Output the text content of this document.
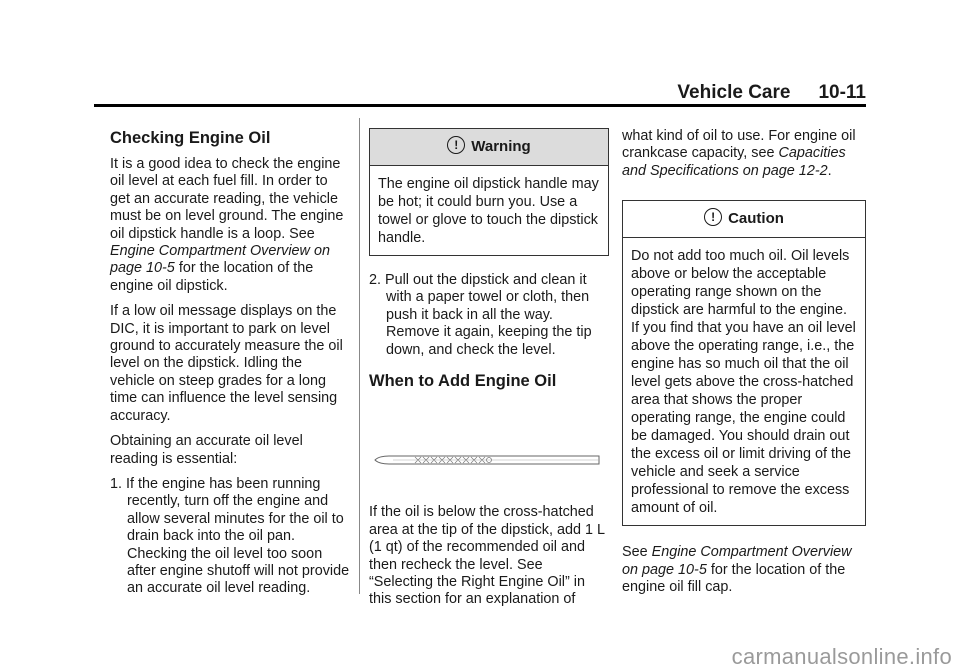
Vehicle Care 10-11
Checking Engine Oil

It is a good idea to check the engine oil level at each fuel fill. In order to get an accurate reading, the vehicle must be on level ground. The engine oil dipstick handle is a loop. See Engine Compartment Overview on page 10-5 for the location of the engine oil dipstick.

If a low oil message displays on the DIC, it is important to park on level ground to accurately measure the oil level on the dipstick. Idling the vehicle on steep grades for a long time can influence the level sensing accuracy.

Obtaining an accurate oil level reading is essential:

1. If the engine has been running recently, turn off the engine and allow several minutes for the oil to drain back into the oil pan. Checking the oil level too soon after engine shutoff will not provide an accurate oil level reading.
! Warning
The engine oil dipstick handle may be hot; it could burn you. Use a towel or glove to touch the dipstick handle.
2. Pull out the dipstick and clean it with a paper towel or cloth, then push it back in all the way. Remove it again, keeping the tip down, and check the level.
When to Add Engine Oil

If the oil is below the cross-hatched area at the tip of the dipstick, add 1 L (1 qt) of the recommended oil and then recheck the level. See “Selecting the Right Engine Oil” in this section for an explanation of

what kind of oil to use. For engine oil crankcase capacity, see Capacities and Specifications on page 12-2.

! Caution
Do not add too much oil. Oil levels above or below the acceptable operating range shown on the dipstick are harmful to the engine. If you find that you have an oil level above the operating range, i.e., the engine has so much oil that the oil level gets above the cross-hatched area that shows the proper operating range, the engine could be damaged. You should drain out the excess oil or limit driving of the vehicle and seek a service professional to remove the excess amount of oil.

See Engine Compartment Overview on page 10-5 for the location of the engine oil fill cap.

carmanualsonline.info
